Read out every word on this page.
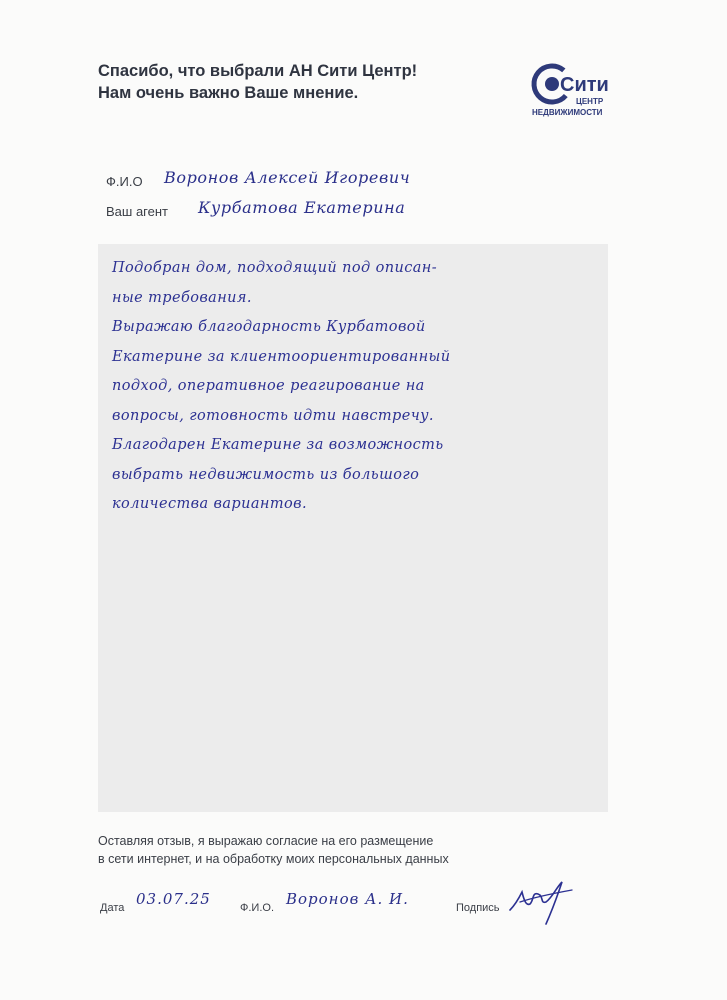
Спасибо, что выбрали АН Сити Центр!
Нам очень важно Ваше мнение.	Сити
ЦЕНТР
НЕДВИЖИМОСТИ
Ф.И.О Воронов Алексей Игоревич
Ваш агент Курбатова Екатерина
Подобран дом, подходящий под описан-
ные требования.
Выражаю благодарность Курбатовой
Екатерине за клиентоориентированный
подход, оперативное реагирование на
вопросы, готовность идти навстречу.
Благодарен Екатерине за возможность
выбрать недвижимость из большого
количества вариантов.
Оставляя отзыв, я выражаю согласие на его размещение
в сети интернет, и на обработку моих персональных данных
Дата 03.07.25	Ф.И.О. Воронов А. И.	Подпись
